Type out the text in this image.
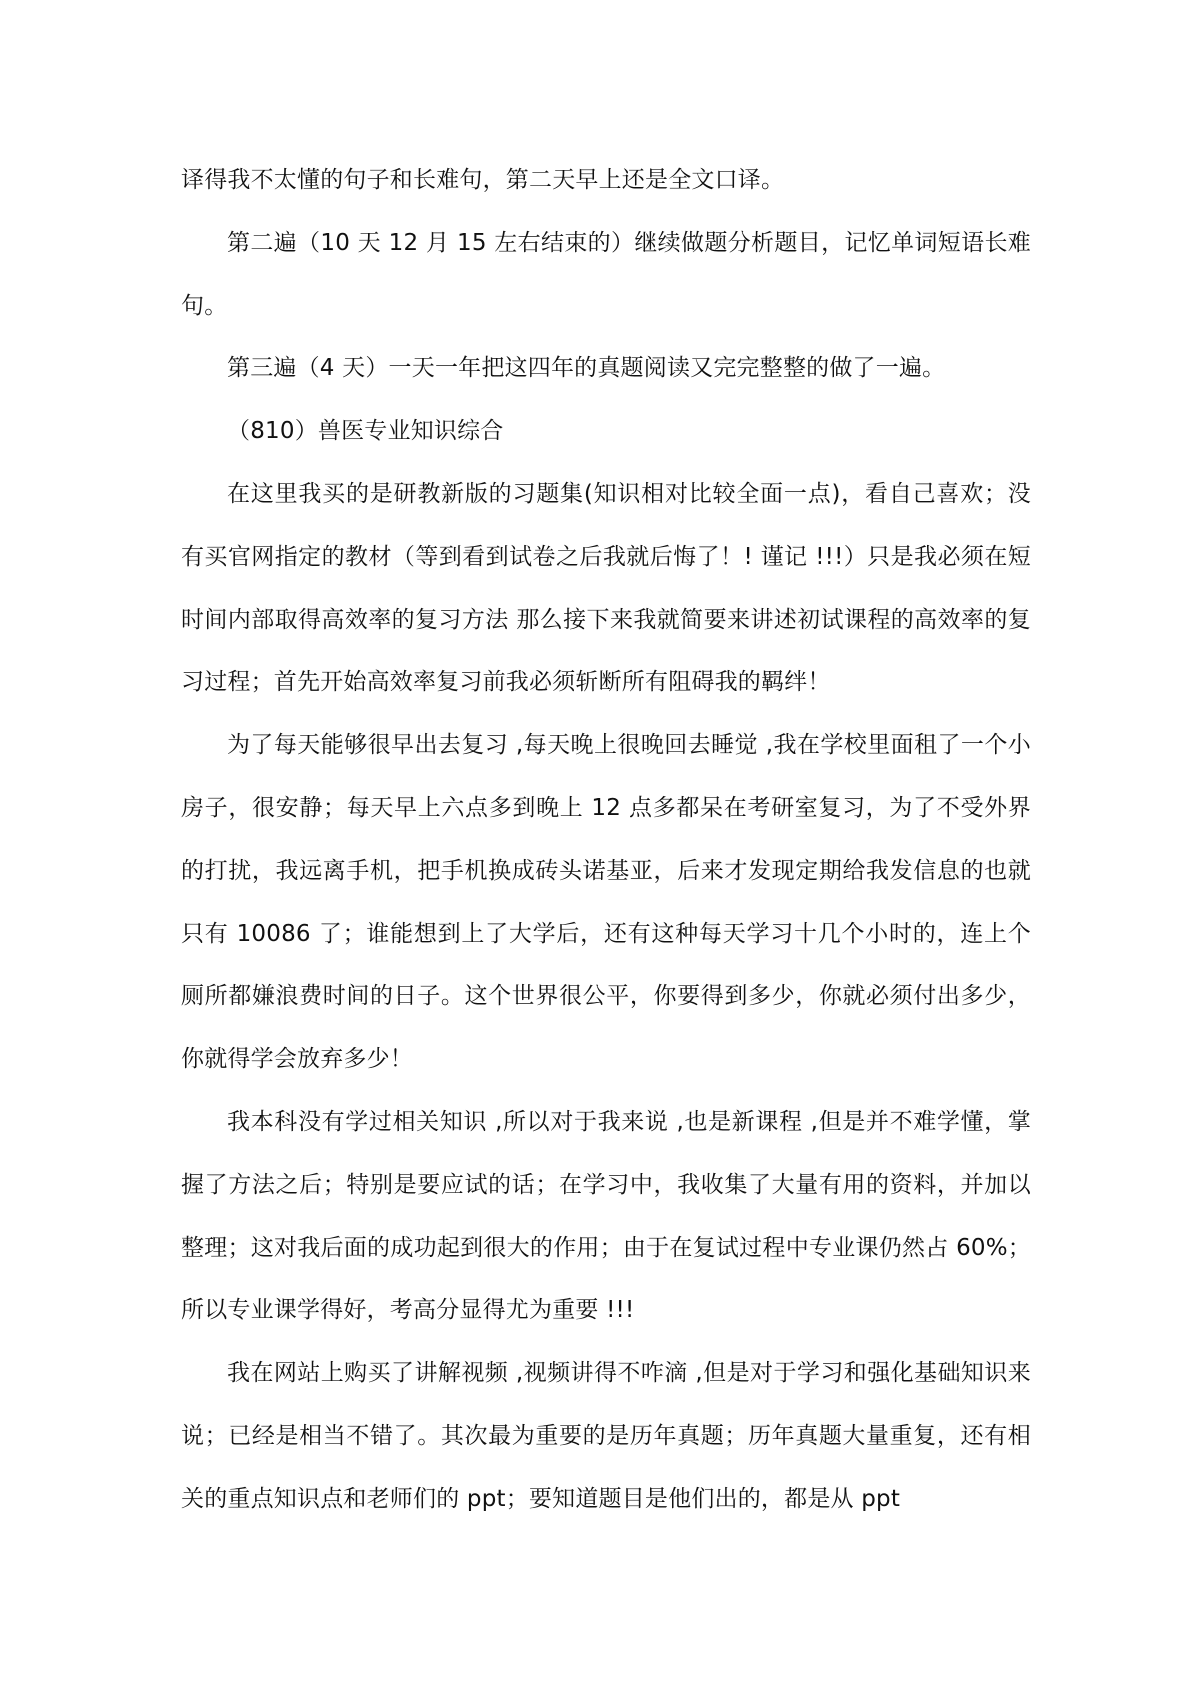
译得我不太懂的句子和长难句，第二天早上还是全文口译。

第二遍（10 天 12 月 15 左右结束的）继续做题分析题目，记忆单词短语长难句。

第三遍（4 天）一天一年把这四年的真题阅读又完完整整的做了一遍。

（810）兽医专业知识综合

在这里我买的是研教新版的习题集(知识相对比较全面一点)，看自己喜欢；没有买官网指定的教材（等到看到试卷之后我就后悔了！! 谨记 !!!）只是我必须在短时间内部取得高效率的复习方法 那么接下来我就简要来讲述初试课程的高效率的复习过程；首先开始高效率复习前我必须斩断所有阻碍我的羁绊！

为了每天能够很早出去复习 ,每天晚上很晚回去睡觉 ,我在学校里面租了一个小房子，很安静；每天早上六点多到晚上 12 点多都呆在考研室复习，为了不受外界的打扰，我远离手机，把手机换成砖头诺基亚，后来才发现定期给我发信息的也就只有 10086 了；谁能想到上了大学后，还有这种每天学习十几个小时的，连上个厕所都嫌浪费时间的日子。这个世界很公平，你要得到多少，你就必须付出多少，你就得学会放弃多少！

我本科没有学过相关知识 ,所以对于我来说 ,也是新课程 ,但是并不难学懂，掌握了方法之后；特别是要应试的话；在学习中，我收集了大量有用的资料，并加以整理；这对我后面的成功起到很大的作用；由于在复试过程中专业课仍然占 60%；所以专业课学得好，考高分显得尤为重要 !!!

我在网站上购买了讲解视频 ,视频讲得不咋滴 ,但是对于学习和强化基础知识来说；已经是相当不错了。其次最为重要的是历年真题；历年真题大量重复，还有相关的重点知识点和老师们的 ppt；要知道题目是他们出的，都是从 ppt
